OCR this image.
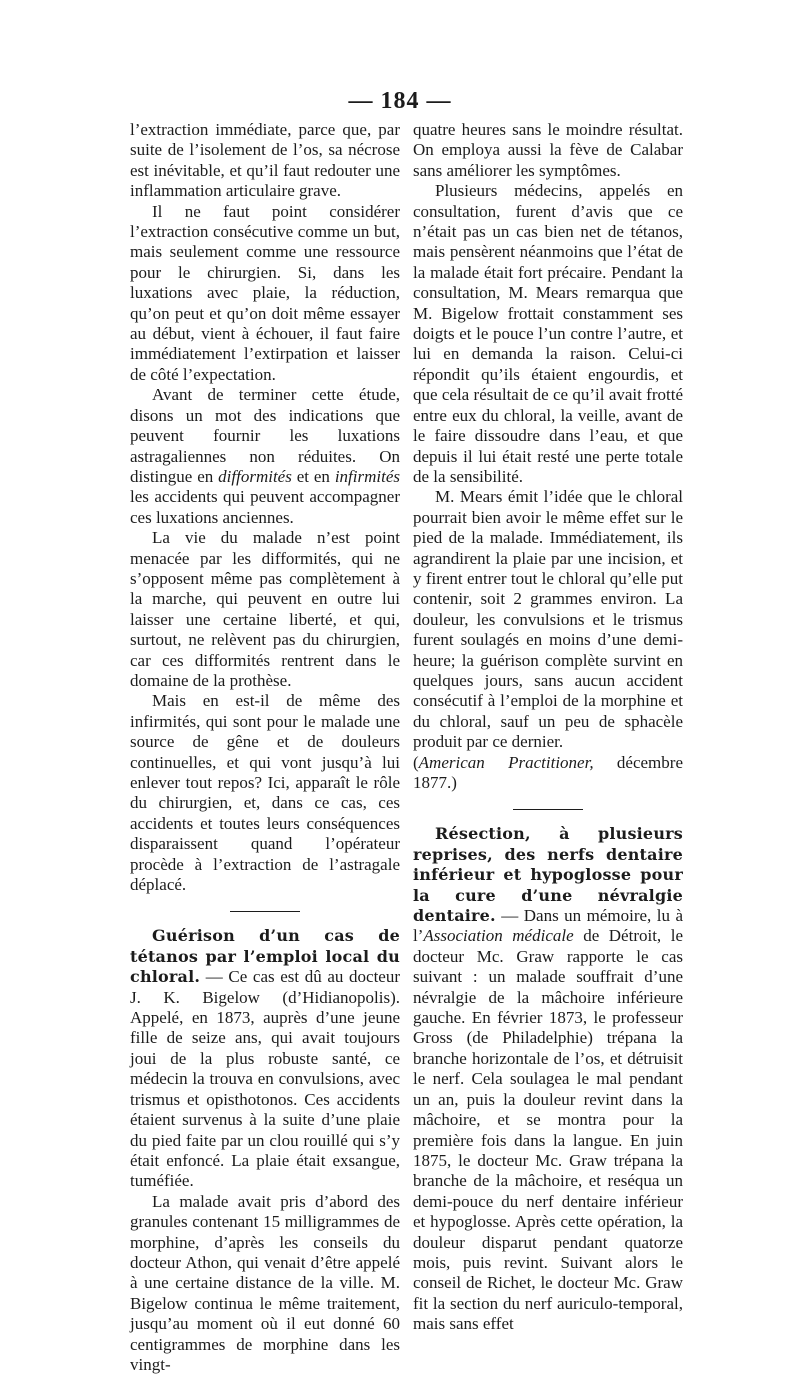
— 184 —

l’extraction immédiate, parce que, par suite de l’isolement de l’os, sa nécrose est inévitable, et qu’il faut redouter une inflammation articulaire grave.

Il ne faut point considérer l’extraction consécutive comme un but, mais seulement comme une ressource pour le chirurgien. Si, dans les luxations avec plaie, la réduction, qu’on peut et qu’on doit même essayer au début, vient à échouer, il faut faire immédiatement l’extirpation et laisser de côté l’expectation.

Avant de terminer cette étude, disons un mot des indications que peuvent fournir les luxations astragaliennes non réduites. On distingue en difformités et en infirmités les accidents qui peuvent accompagner ces luxations anciennes.

La vie du malade n’est point menacée par les difformités, qui ne s’opposent même pas complètement à la marche, qui peuvent en outre lui laisser une certaine liberté, et qui, surtout, ne relèvent pas du chirurgien, car ces difformités rentrent dans le domaine de la prothèse.

Mais en est-il de même des infirmités, qui sont pour le malade une source de gêne et de douleurs continuelles, et qui vont jusqu’à lui enlever tout repos? Ici, apparaît le rôle du chirurgien, et, dans ce cas, ces accidents et toutes leurs conséquences disparaissent quand l’opérateur procède à l’extraction de l’astragale déplacé.

Guérison d’un cas de tétanos par l’emploi local du chloral. — Ce cas est dû au docteur J. K. Bigelow (d’Hidianopolis). Appelé, en 1873, auprès d’une jeune fille de seize ans, qui avait toujours joui de la plus robuste santé, ce médecin la trouva en convulsions, avec trismus et opisthotonos. Ces accidents étaient survenus à la suite d’une plaie du pied faite par un clou rouillé qui s’y était enfoncé. La plaie était exsangue, tuméfiée.

La malade avait pris d’abord des granules contenant 15 milligrammes de morphine, d’après les conseils du docteur Athon, qui venait d’être appelé à une certaine distance de la ville. M. Bigelow continua le même traitement, jusqu’au moment où il eut donné 60 centigrammes de morphine dans les vingt-

quatre heures sans le moindre résultat. On employa aussi la fève de Calabar sans améliorer les symptômes.

Plusieurs médecins, appelés en consultation, furent d’avis que ce n’était pas un cas bien net de tétanos, mais pensèrent néanmoins que l’état de la malade était fort précaire. Pendant la consultation, M. Mears remarqua que M. Bigelow frottait constamment ses doigts et le pouce l’un contre l’autre, et lui en demanda la raison. Celui-ci répondit qu’ils étaient engourdis, et que cela résultait de ce qu’il avait frotté entre eux du chloral, la veille, avant de le faire dissoudre dans l’eau, et que depuis il lui était resté une perte totale de la sensibilité.

M. Mears émit l’idée que le chloral pourrait bien avoir le même effet sur le pied de la malade. Immédiatement, ils agrandirent la plaie par une incision, et y firent entrer tout le chloral qu’elle put contenir, soit 2 grammes environ. La douleur, les convulsions et le trismus furent soulagés en moins d’une demi-heure; la guérison complète survint en quelques jours, sans aucun accident consécutif à l’emploi de la morphine et du chloral, sauf un peu de sphacèle produit par ce dernier.

(American Practitioner, décembre 1877.)

Résection, à plusieurs reprises, des nerfs dentaire inférieur et hypoglosse pour la cure d’une névralgie dentaire. — Dans un mémoire, lu à l’Association médicale de Détroit, le docteur Mc. Graw rapporte le cas suivant : un malade souffrait d’une névralgie de la mâchoire inférieure gauche. En février 1873, le professeur Gross (de Philadelphie) trépana la branche horizontale de l’os, et détruisit le nerf. Cela soulagea le mal pendant un an, puis la douleur revint dans la mâchoire, et se montra pour la première fois dans la langue. En juin 1875, le docteur Mc. Graw trépana la branche de la mâchoire, et reséqua un demi-pouce du nerf dentaire inférieur et hypoglosse. Après cette opération, la douleur disparut pendant quatorze mois, puis revint. Suivant alors le conseil de Richet, le docteur Mc. Graw fit la section du nerf auriculo-temporal, mais sans effet
